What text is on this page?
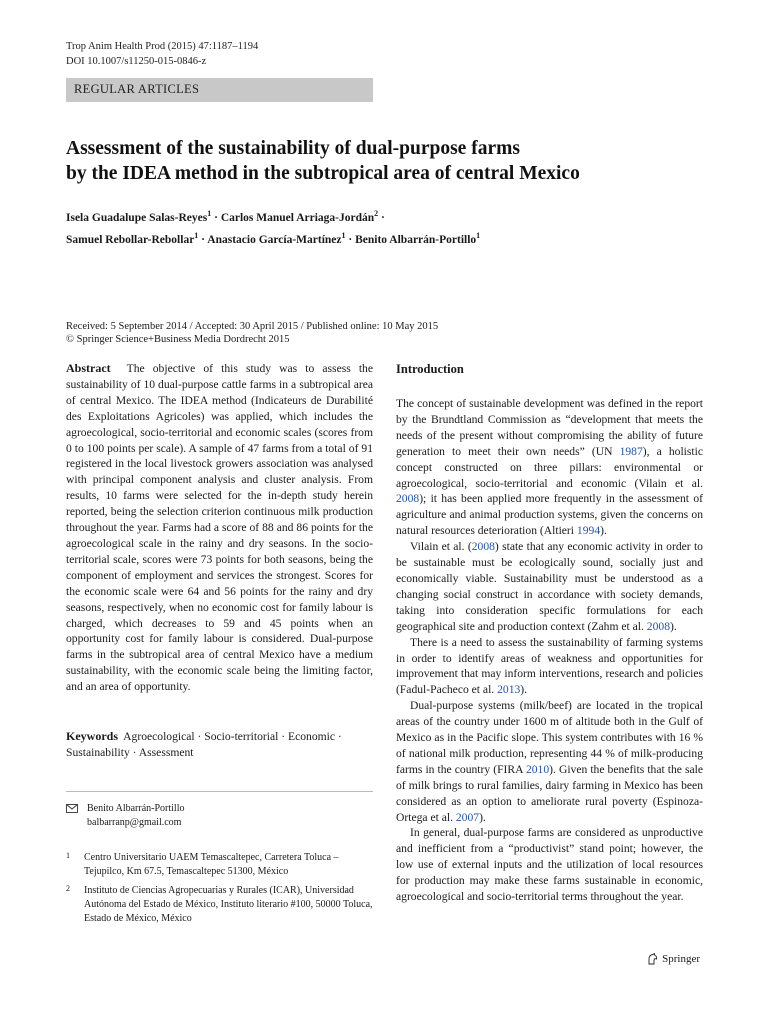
Trop Anim Health Prod (2015) 47:1187–1194
DOI 10.1007/s11250-015-0846-z
REGULAR ARTICLES
Assessment of the sustainability of dual-purpose farms
by the IDEA method in the subtropical area of central Mexico
Isela Guadalupe Salas-Reyes$^1$ · Carlos Manuel Arriaga-Jordán$^2$ ·
Samuel Rebollar-Rebollar$^1$ · Anastacio García-Martínez$^1$ · Benito Albarrán-Portillo$^1$
Received: 5 September 2014 / Accepted: 30 April 2015 / Published online: 10 May 2015
© Springer Science+Business Media Dordrecht 2015

Abstract The objective of this study was to assess the sustainability of 10 dual-purpose cattle farms in a subtropical area of central Mexico. The IDEA method (Indicateurs de Durabilité des Exploitations Agricoles) was applied, which includes the agroecological, socio-territorial and economic scales (scores from 0 to 100 points per scale). A sample of 47 farms from a total of 91 registered in the local livestock growers association was analysed with principal component analysis and cluster analysis. From results, 10 farms were selected for the in-depth study herein reported, being the selection criterion continuous milk production throughout the year. Farms had a score of 88 and 86 points for the agroecological scale in the rainy and dry seasons. In the socio-territorial scale, scores were 73 points for both seasons, being the component of employment and services the strongest. Scores for the economic scale were 64 and 56 points for the rainy and dry seasons, respectively, when no economic cost for family labour is charged, which decreases to 59 and 45 points when an opportunity cost for family labour is considered. Dual-purpose farms in the subtropical area of central Mexico have a medium sustainability, with the economic scale being the limiting factor, and an area of opportunity.

Keywords Agroecological · Socio-territorial · Economic · Sustainability · Assessment
Benito Albarrán-Portillo
balbarranp@gmail.com
1 Centro Universitario UAEM Temascaltepec, Carretera Toluca – Tejupilco, Km 67.5, Temascaltepec 51300, México
2 Instituto de Ciencias Agropecuarias y Rurales (ICAR), Universidad Autónoma del Estado de México, Instituto literario #100, 50000 Toluca, Estado de México, México
Introduction

The concept of sustainable development was defined in the report by the Brundtland Commission as “development that meets the needs of the present without compromising the ability of future generation to meet their own needs” (UN 1987), a holistic concept constructed on three pillars: environmental or agroecological, socio-territorial and economic (Vilain et al. 2008); it has been applied more frequently in the assessment of agriculture and animal production systems, given the concerns on natural resources deterioration (Altieri 1994).

Vilain et al. (2008) state that any economic activity in order to be sustainable must be ecologically sound, socially just and economically viable. Sustainability must be understood as a changing social construct in accordance with society demands, taking into consideration specific formulations for each geographical site and production context (Zahm et al. 2008).

There is a need to assess the sustainability of farming systems in order to identify areas of weakness and opportunities for improvement that may inform interventions, research and policies (Fadul-Pacheco et al. 2013).

Dual-purpose systems (milk/beef) are located in the tropical areas of the country under 1600 m of altitude both in the Gulf of Mexico as in the Pacific slope. This system contributes with 16 % of national milk production, representing 44 % of milk-producing farms in the country (FIRA 2010). Given the benefits that the sale of milk brings to rural families, dairy farming in Mexico has been considered as an option to ameliorate rural poverty (Espinoza-Ortega et al. 2007).

In general, dual-purpose farms are considered as unproductive and inefficient from a “productivist” stand point; however, the low use of external inputs and the utilization of local resources for production may make these farms sustainable in economic, agroecological and socio-territorial terms throughout the year.

Springer
